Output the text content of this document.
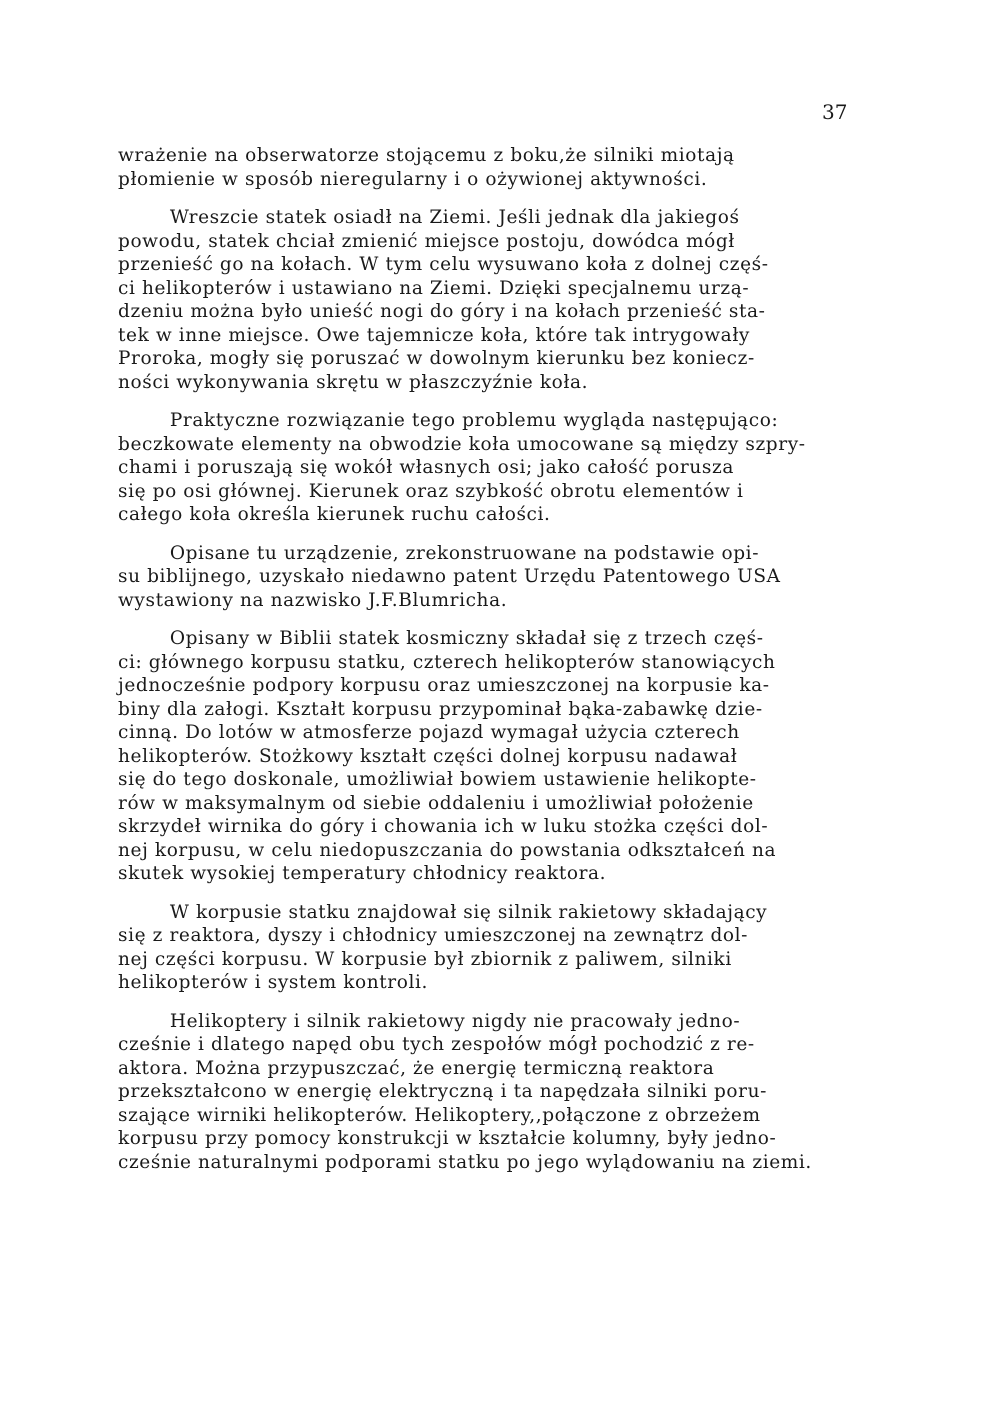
37

wrażenie na obserwatorze stojącemu z boku,że silniki miotają
płomienie w sposób nieregularny i o ożywionej aktywności.

Wreszcie statek osiadł na Ziemi. Jeśli jednak dla jakiegoś
powodu, statek chciał zmienić miejsce postoju, dowódca mógł
przenieść go na kołach. W tym celu wysuwano koła z dolnej częś-
ci helikopterów i ustawiano na Ziemi. Dzięki specjalnemu urzą-
dzeniu można było unieść nogi do góry i na kołach przenieść sta-
tek w inne miejsce. Owe tajemnicze koła, które tak intrygowały
Proroka, mogły się poruszać w dowolnym kierunku bez koniecz-
ności wykonywania skrętu w płaszczyźnie koła.

Praktyczne rozwiązanie tego problemu wygląda następująco:
beczkowate elementy na obwodzie koła umocowane są między szpry-
chami i poruszają się wokół własnych osi; jako całość porusza
się po osi głównej. Kierunek oraz szybkość obrotu elementów i
całego koła określa kierunek ruchu całości.

Opisane tu urządzenie, zrekonstruowane na podstawie opi-
su biblijnego, uzyskało niedawno patent Urzędu Patentowego USA
wystawiony na nazwisko J.F.Blumricha.

Opisany w Biblii statek kosmiczny składał się z trzech częś-
ci: głównego korpusu statku, czterech helikopterów stanowiących
jednocześnie podpory korpusu oraz umieszczonej na korpusie ka-
biny dla załogi. Kształt korpusu przypominał bąka-zabawkę dzie-
cinną. Do lotów w atmosferze pojazd wymagał użycia czterech
helikopterów. Stożkowy kształt części dolnej korpusu nadawał
się do tego doskonale, umożliwiał bowiem ustawienie helikopte-
rów w maksymalnym od siebie oddaleniu i umożliwiał położenie
skrzydeł wirnika do góry i chowania ich w luku stożka części dol-
nej korpusu, w celu niedopuszczania do powstania odkształceń na
skutek wysokiej temperatury chłodnicy reaktora.

W korpusie statku znajdował się silnik rakietowy składający
się z reaktora, dyszy i chłodnicy umieszczonej na zewnątrz dol-
nej części korpusu. W korpusie był zbiornik z paliwem, silniki
helikopterów i system kontroli.

Helikoptery i silnik rakietowy nigdy nie pracowały jedno-
cześnie i dlatego napęd obu tych zespołów mógł pochodzić z re-
aktora. Można przypuszczać, że energię termiczną reaktora
przekształcono w energię elektryczną i ta napędzała silniki poru-
szające wirniki helikopterów. Helikoptery,,połączone z obrzeżem
korpusu przy pomocy konstrukcji w kształcie kolumny, były jedno-
cześnie naturalnymi podporami statku po jego wylądowaniu na ziemi.
